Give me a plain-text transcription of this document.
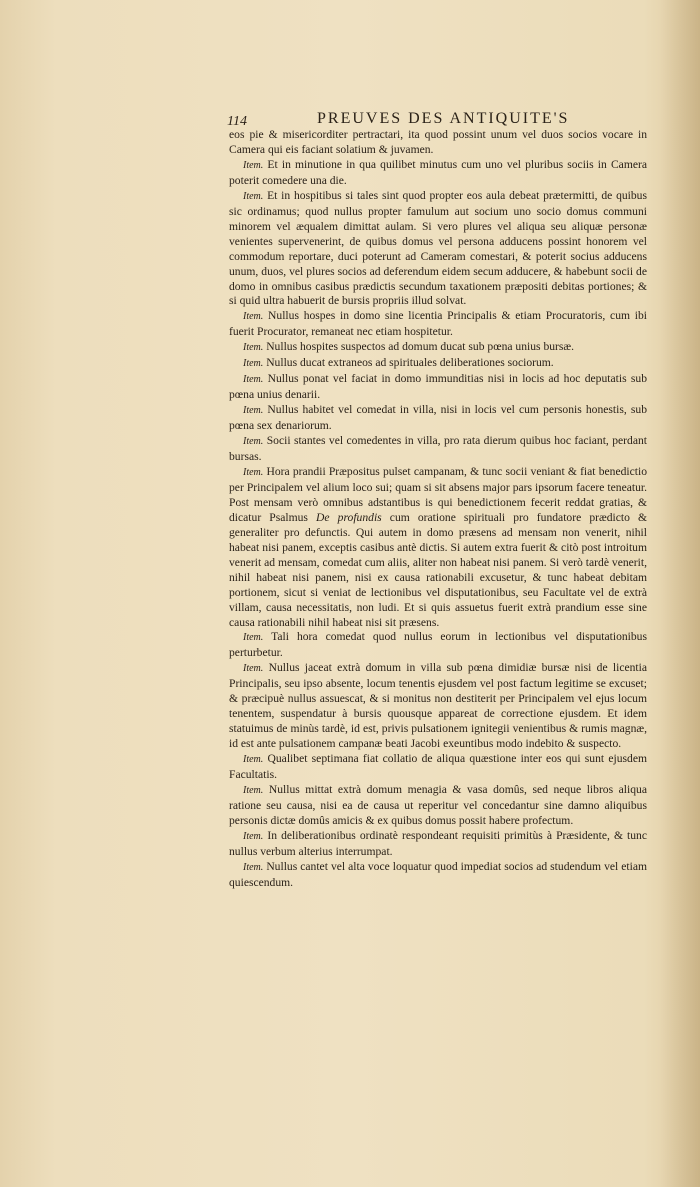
114	PREUVES DES ANTIQUITE'S

eos pie & misericorditer pertractari, ita quod possint unum vel duos socios vocare in Camera qui eis faciant solatium & juvamen.

Item. Et in minutione in qua quilibet minutus cum uno vel pluribus sociis in Camera poterit comedere una die.

Item. Et in hospitibus si tales sint quod propter eos aula debeat prætermitti, de quibus sic ordinamus; quod nullus propter famulum aut socium uno socio domus communi minorem vel æqualem dimittat aulam. Si vero plures vel aliqua seu aliquæ personæ venientes supervenerint, de quibus domus vel persona adducens possint honorem vel commodum reportare, duci poterunt ad Cameram comestari, & poterit socius adducens unum, duos, vel plures socios ad deferendum eidem secum adducere, & habebunt socii de domo in omnibus casibus prædictis secundum taxationem præpositi debitas portiones; & si quid ultra habuerit de bursis propriis illud solvat.

Item. Nullus hospes in domo sine licentia Principalis & etiam Procuratoris, cum ibi fuerit Procurator, remaneat nec etiam hospitetur.

Item. Nullus hospites suspectos ad domum ducat sub pœna unius bursæ.

Item. Nullus ducat extraneos ad spirituales deliberationes sociorum.

Item. Nullus ponat vel faciat in domo immunditias nisi in locis ad hoc deputatis sub pœna unius denarii.

Item. Nullus habitet vel comedat in villa, nisi in locis vel cum personis honestis, sub pœna sex denariorum.

Item. Socii stantes vel comedentes in villa, pro rata dierum quibus hoc faciant, perdant bursas.

Item. Hora prandii Præpositus pulset campanam, & tunc socii veniant & fiat benedictio per Principalem vel alium loco sui; quam si sit absens major pars ipsorum facere teneatur. Post mensam verò omnibus adstantibus is qui benedictionem fecerit reddat gratias, & dicatur Psalmus De profundis cum oratione spirituali pro fundatore prædicto & generaliter pro defunctis. Qui autem in domo præsens ad mensam non venerit, nihil habeat nisi panem, exceptis casibus antè dictis. Si autem extra fuerit & citò post introitum venerit ad mensam, comedat cum aliis, aliter non habeat nisi panem. Si verò tardè venerit, nihil habeat nisi panem, nisi ex causa rationabili excusetur, & tunc habeat debitam portionem, sicut si veniat de lectionibus vel disputationibus, seu Facultate vel de extrà villam, causa necessitatis, non ludi. Et si quis assuetus fuerit extrà prandium esse sine causa rationabili nihil habeat nisi sit præsens.

Item. Tali hora comedat quod nullus eorum in lectionibus vel disputationibus perturbetur.

Item. Nullus jaceat extrà domum in villa sub pœna dimidiæ bursæ nisi de licentia Principalis, seu ipso absente, locum tenentis ejusdem vel post factum legitime se excuset; & præcipuè nullus assuescat, & si monitus non destiterit per Principalem vel ejus locum tenentem, suspendatur à bursis quousque appareat de correctione ejusdem. Et idem statuimus de minùs tardè, id est, privis pulsationem ignitegii venientibus & rumis magnæ, id est ante pulsationem campanæ beati Jacobi exeuntibus modo indebito & suspecto.

Item. Qualibet septimana fiat collatio de aliqua quæstione inter eos qui sunt ejusdem Facultatis.

Item. Nullus mittat extrà domum menagia & vasa domûs, sed neque libros aliqua ratione seu causa, nisi ea de causa ut reperitur vel concedantur sine damno aliquibus personis dictæ domûs amicis & ex quibus domus possit habere profectum.

Item. In deliberationibus ordinatè respondeant requisiti primitùs à Præsidente, & tunc nullus verbum alterius interrumpat.

Item. Nullus cantet vel alta voce loquatur quod impediat socios ad studendum vel etiam quiescendum.
